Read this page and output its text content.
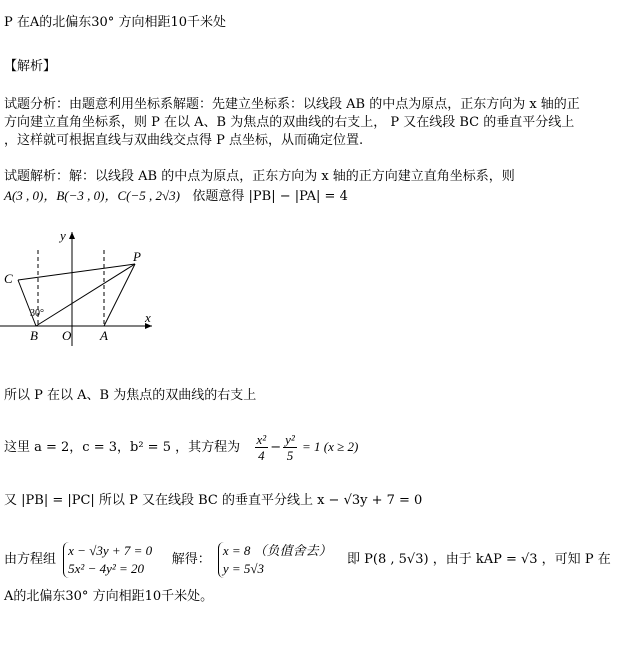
P 在A的北偏东30° 方向相距10千米处
【解析】
试题分析：由题意利用坐标系解题：先建立坐标系：以线段 AB 的中点为原点，正东方向为 x 轴的正
方向建立直角坐标系，则 P 在以 A、B 为焦点的双曲线的右支上， P 又在线段 BC 的垂直平分线上
，这样就可根据直线与双曲线交点得 P 点坐标，从而确定位置.
试题解析：解：以线段 AB 的中点为原点，正东方向为 x 轴的正方向建立直角坐标系，则
A(3 , 0)，B(−3 , 0)，C(−5 , 2√3) 依题意得 |PB| − |PA| = 4
y
x
P
C
B O A
30°
所以 P 在以 A、B 为焦点的双曲线的右支上
这里 a = 2，c = 3，b² = 5 ，其方程为 $\frac{\text{x²}}{4} - \frac{\text{y²}}{5} = 1$ (x ≥ 2)
又 |PB| = |PC| 所以 P 又在线段 BC 的垂直平分线上 x − √3y + 7 = 0
由方程组
x − √3y + 7 = 0
5x² − 4y² = 20
解得：
x = 8 （负值舍去）
y = 5√3
即 P(8 , 5√3) ，由于 kAP = √3 ，可知 P 在
A的北偏东30° 方向相距10千米处。
